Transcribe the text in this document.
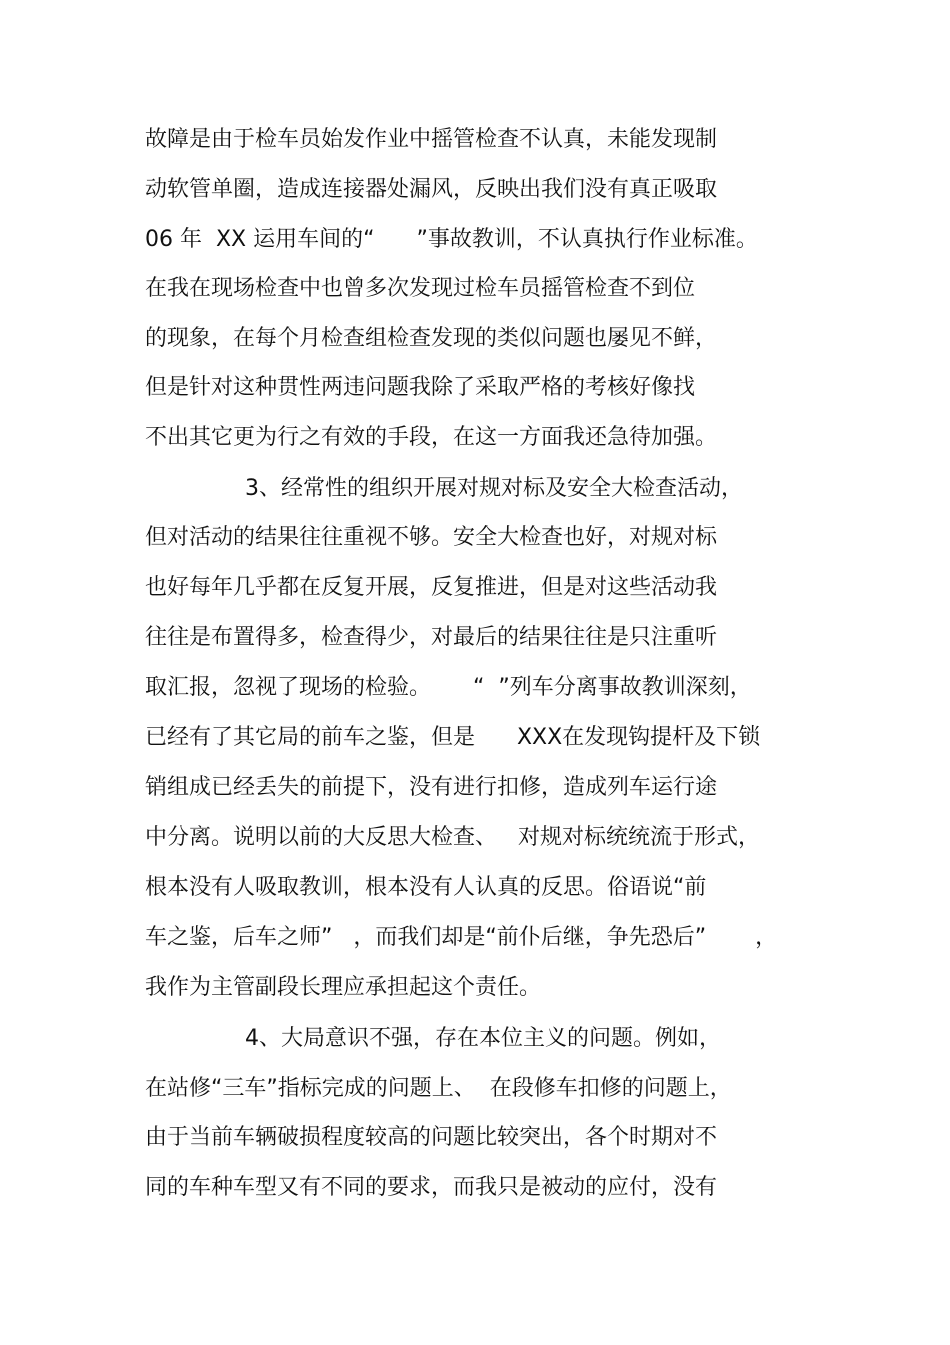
故障是由于检车员始发作业中摇管检查不认真，未能发现制
动软管单圈，造成连接器处漏风，反映出我们没有真正吸取
06 年  XX 运用车间的“      ”事故教训，不认真执行作业标准。
在我在现场检查中也曾多次发现过检车员摇管检查不到位
的现象，在每个月检查组检查发现的类似问题也屡见不鲜，
但是针对这种贯性两违问题我除了采取严格的考核好像找
不出其它更为行之有效的手段，在这一方面我还急待加强。
3、经常性的组织开展对规对标及安全大检查活动，
但对活动的结果往往重视不够。安全大检查也好，对规对标
也好每年几乎都在反复开展，反复推进，但是对这些活动我
往往是布置得多，检查得少，对最后的结果往往是只注重听
取汇报，忽视了现场的检验。      “  ”列车分离事故教训深刻，
已经有了其它局的前车之鉴，但是      XXX在发现钩提杆及下锁
销组成已经丢失的前提下，没有进行扣修，造成列车运行途
中分离。说明以前的大反思大检查、   对规对标统统流于形式，
根本没有人吸取教训，根本没有人认真的反思。俗语说“前
车之鉴，后车之师”   ，而我们却是“前仆后继，争先恐后”       ，
我作为主管副段长理应承担起这个责任。
4、大局意识不强，存在本位主义的问题。例如，
在站修“三车”指标完成的问题上、  在段修车扣修的问题上，
由于当前车辆破损程度较高的问题比较突出，各个时期对不
同的车种车型又有不同的要求，而我只是被动的应付，没有
